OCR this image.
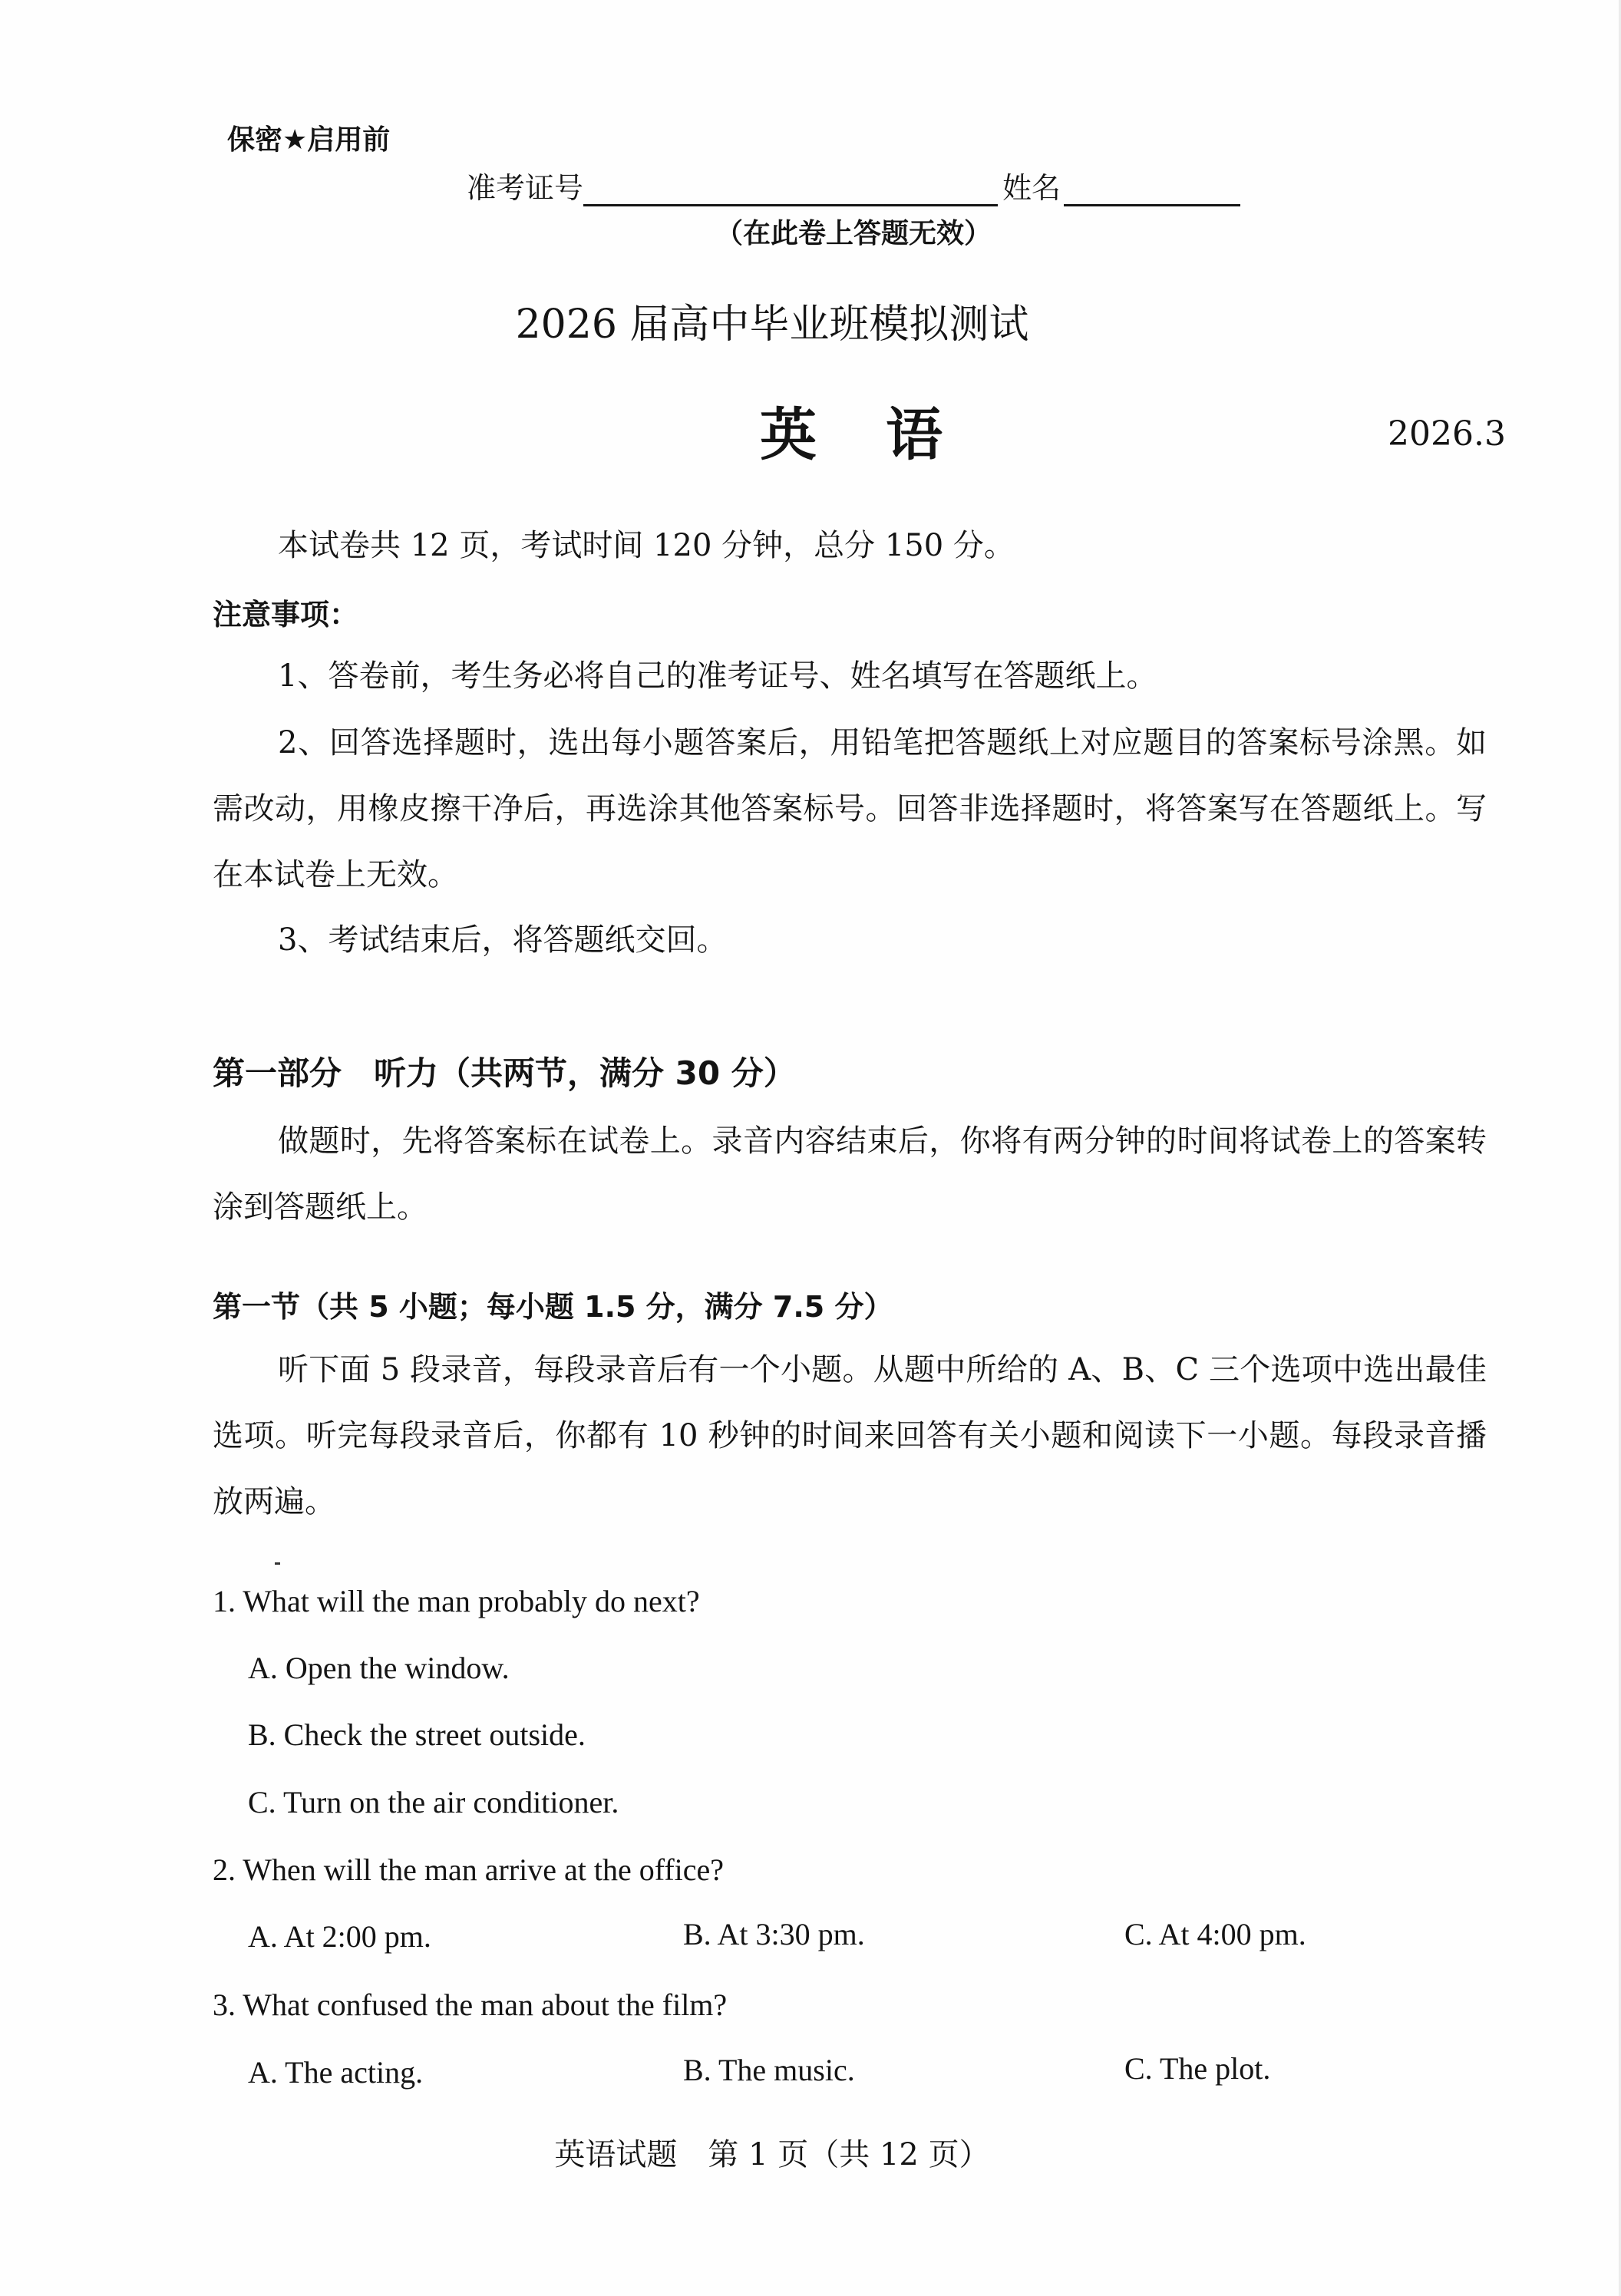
保密★启用前
准考证号	姓名
（在此卷上答题无效）
2026 届高中毕业班模拟测试
英语	2026.3
本试卷共 12 页，考试时间 120 分钟，总分 150 分。
注意事项：
1、答卷前，考生务必将自己的准考证号、姓名填写在答题纸上。
2、回答选择题时，选出每小题答案后，用铅笔把答题纸上对应题目的答案标号涂黑。如需改动，用橡皮擦干净后，再选涂其他答案标号。回答非选择题时，将答案写在答题纸上。写在本试卷上无效。
3、考试结束后，将答题纸交回。
第一部分　听力（共两节，满分 30 分）
做题时，先将答案标在试卷上。录音内容结束后，你将有两分钟的时间将试卷上的答案转涂到答题纸上。
第一节（共 5 小题；每小题 1.5 分，满分 7.5 分）
听下面 5 段录音，每段录音后有一个小题。从题中所给的 A、B、C 三个选项中选出最佳选项。听完每段录音后，你都有 10 秒钟的时间来回答有关小题和阅读下一小题。每段录音播放两遍。
1. What will the man probably do next?
A. Open the window.
B. Check the street outside.
C. Turn on the air conditioner.
2. When will the man arrive at the office?
A. At 2:00 pm.	B. At 3:30 pm.	C. At 4:00 pm.
3. What confused the man about the film?
A. The acting.	B. The music.	C. The plot.
英语试题 第 1 页（共 12 页）
